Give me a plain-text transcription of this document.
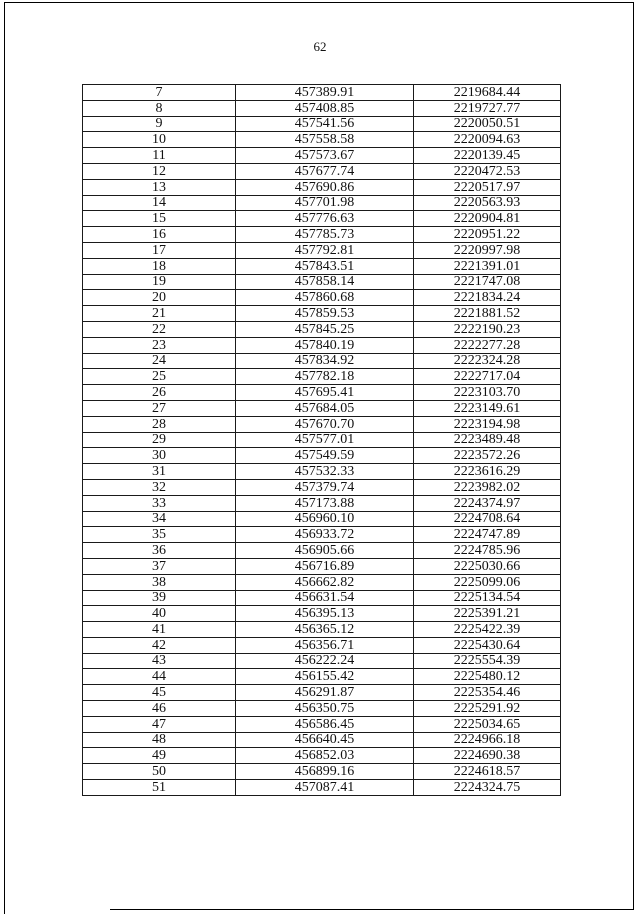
62
7	457389.91	2219684.44
8	457408.85	2219727.77
9	457541.56	2220050.51
10	457558.58	2220094.63
11	457573.67	2220139.45
12	457677.74	2220472.53
13	457690.86	2220517.97
14	457701.98	2220563.93
15	457776.63	2220904.81
16	457785.73	2220951.22
17	457792.81	2220997.98
18	457843.51	2221391.01
19	457858.14	2221747.08
20	457860.68	2221834.24
21	457859.53	2221881.52
22	457845.25	2222190.23
23	457840.19	2222277.28
24	457834.92	2222324.28
25	457782.18	2222717.04
26	457695.41	2223103.70
27	457684.05	2223149.61
28	457670.70	2223194.98
29	457577.01	2223489.48
30	457549.59	2223572.26
31	457532.33	2223616.29
32	457379.74	2223982.02
33	457173.88	2224374.97
34	456960.10	2224708.64
35	456933.72	2224747.89
36	456905.66	2224785.96
37	456716.89	2225030.66
38	456662.82	2225099.06
39	456631.54	2225134.54
40	456395.13	2225391.21
41	456365.12	2225422.39
42	456356.71	2225430.64
43	456222.24	2225554.39
44	456155.42	2225480.12
45	456291.87	2225354.46
46	456350.75	2225291.92
47	456586.45	2225034.65
48	456640.45	2224966.18
49	456852.03	2224690.38
50	456899.16	2224618.57
51	457087.41	2224324.75
